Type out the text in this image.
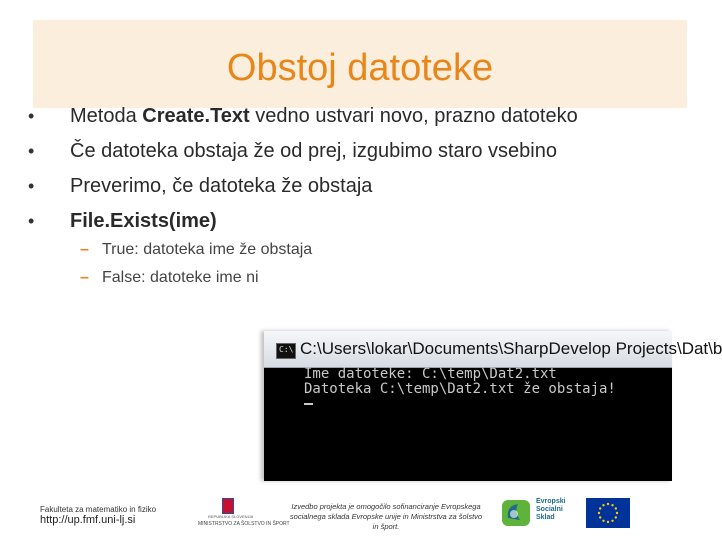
Obstoj datoteke
•	Metoda Create.Text vedno ustvari novo, prazno datoteko
•	Če datoteka obstaja že od prej, izgubimo staro vsebino
•	Preverimo, če datoteka že obstaja
•	File.Exists(ime)
– True: datoteka ime že obstaja
– False: datoteke ime ni
C:\ C:\Users\lokar\Documents\SharpDevelop Projects\Dat\b
Ime datoteke: C:\temp\Dat2.txt
Datoteka C:\temp\Dat2.txt že obstaja!
Fakulteta za matematiko in fiziko
http://up.fmf.uni-lj.si	REPUBLIKA SLOVENIJA
MINISTRSTVO ZA ŠOLSTVO IN ŠPORT
Izvedbo projekta je omogočilo sofinanciranje Evropskega socialnega sklada Evropske unije in Ministrstva za šolstvo in šport.
Evropski
Socialni
Sklad
